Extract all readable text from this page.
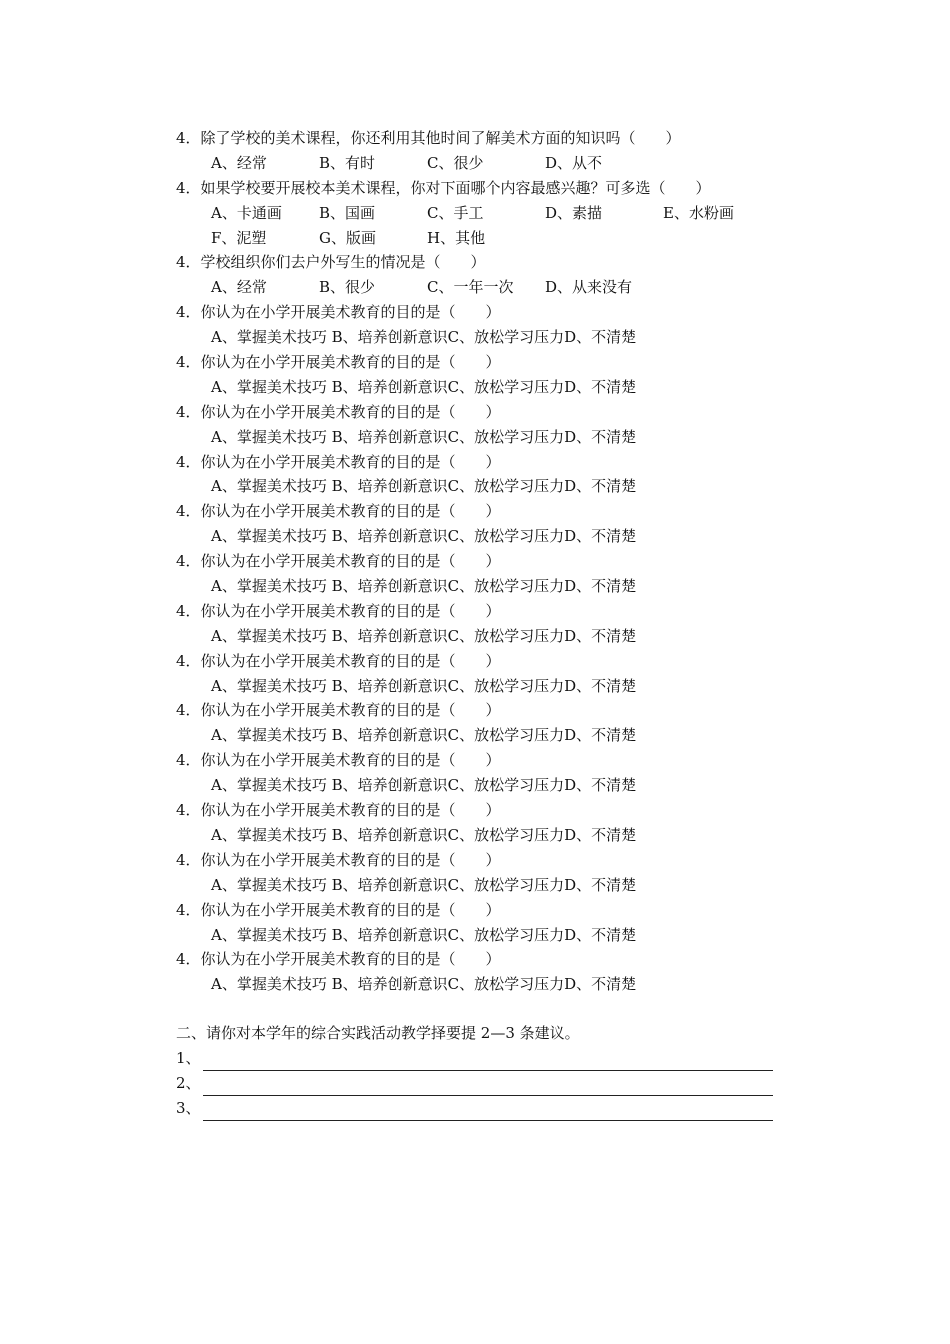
4．除了学校的美术课程，你还利用其他时间了解美术方面的知识吗（　　）
A、经常	B、有时	C、很少	D、从不
4．如果学校要开展校本美术课程，你对下面哪个内容最感兴趣？可多选（　　）
A、卡通画 B、国画	C、手工	D、素描	E、水粉画
F、泥塑	G、版画	H、其他
4．学校组织你们去户外写生的情况是（　　）
A、经常	B、很少	C、一年一次 D、从来没有
4．你认为在小学开展美术教育的目的是（　　）
A、掌握美术技巧 B、培养创新意识C、放松学习压力D、不清楚
4．你认为在小学开展美术教育的目的是（　　）
A、掌握美术技巧 B、培养创新意识C、放松学习压力D、不清楚
4．你认为在小学开展美术教育的目的是（　　）
A、掌握美术技巧 B、培养创新意识C、放松学习压力D、不清楚
4．你认为在小学开展美术教育的目的是（　　）
A、掌握美术技巧 B、培养创新意识C、放松学习压力D、不清楚
4．你认为在小学开展美术教育的目的是（　　）
A、掌握美术技巧 B、培养创新意识C、放松学习压力D、不清楚
4．你认为在小学开展美术教育的目的是（　　）
A、掌握美术技巧 B、培养创新意识C、放松学习压力D、不清楚
4．你认为在小学开展美术教育的目的是（　　）
A、掌握美术技巧 B、培养创新意识C、放松学习压力D、不清楚
4．你认为在小学开展美术教育的目的是（　　）
A、掌握美术技巧 B、培养创新意识C、放松学习压力D、不清楚
4．你认为在小学开展美术教育的目的是（　　）
A、掌握美术技巧 B、培养创新意识C、放松学习压力D、不清楚
4．你认为在小学开展美术教育的目的是（　　）
A、掌握美术技巧 B、培养创新意识C、放松学习压力D、不清楚
4．你认为在小学开展美术教育的目的是（　　）
A、掌握美术技巧 B、培养创新意识C、放松学习压力D、不清楚
4．你认为在小学开展美术教育的目的是（　　）
A、掌握美术技巧 B、培养创新意识C、放松学习压力D、不清楚
4．你认为在小学开展美术教育的目的是（　　）
A、掌握美术技巧 B、培养创新意识C、放松学习压力D、不清楚
4．你认为在小学开展美术教育的目的是（　　）
A、掌握美术技巧 B、培养创新意识C、放松学习压力D、不清楚
二、请你对本学年的综合实践活动教学择要提 2—3 条建议。
1、
2、
3、
